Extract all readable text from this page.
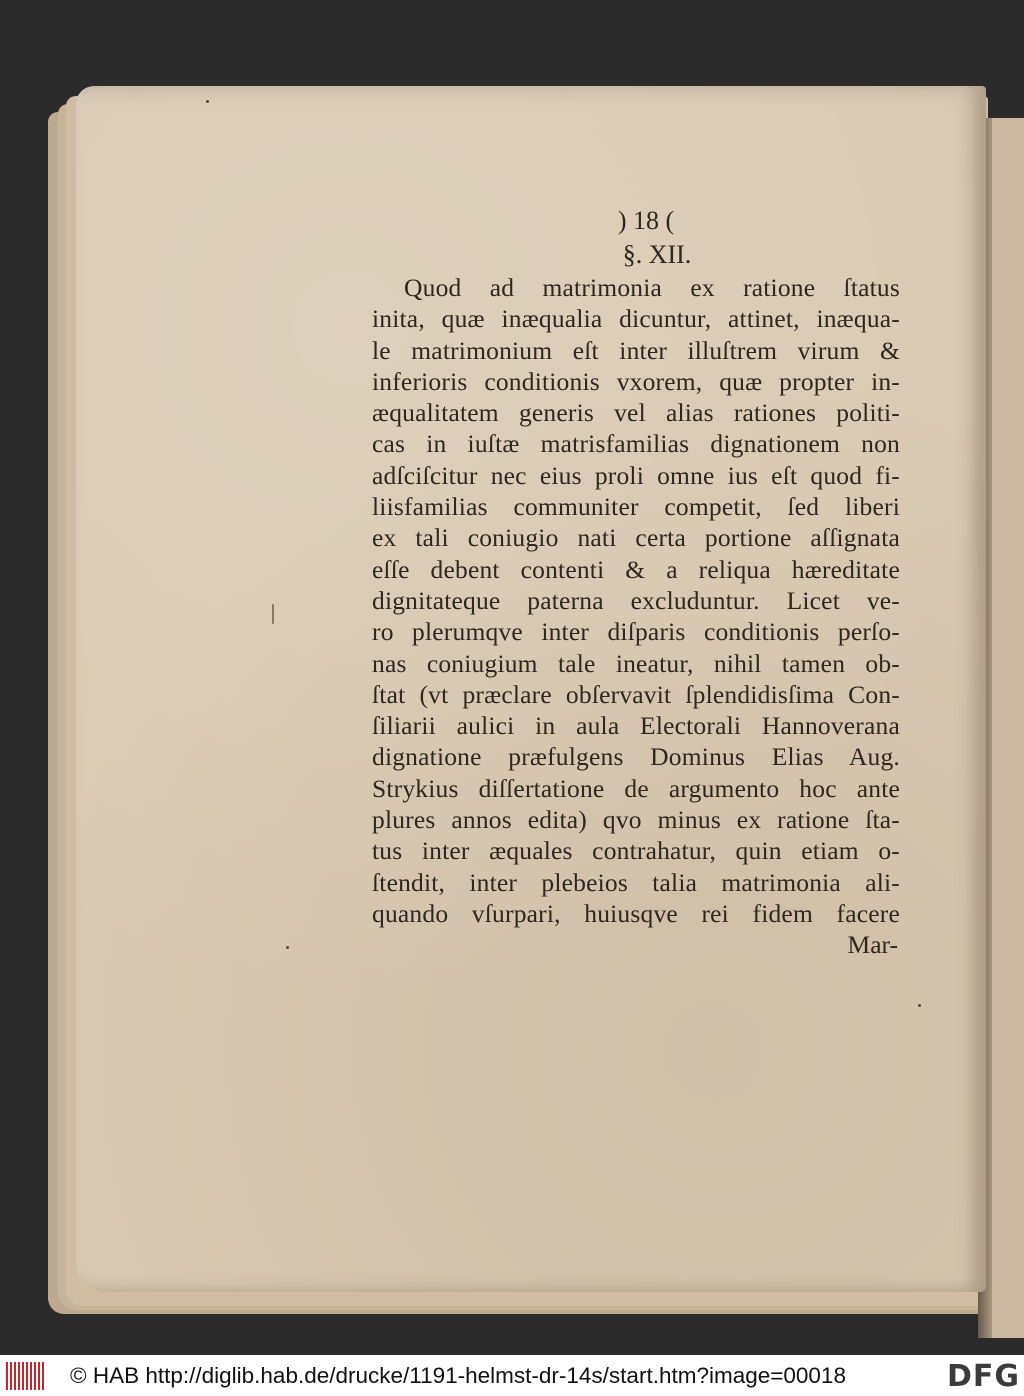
) 18 (
§. XII.
Quod ad matrimonia ex ratione ſtatus
inita, quæ inæqualia dicuntur, attinet, inæqua-
le matrimonium eſt inter illuſtrem virum &
inferioris conditionis vxorem, quæ propter in-
æqualitatem generis vel alias rationes politi-
cas in iuſtæ matrisfamilias dignationem non
adſciſcitur nec eius proli omne ius eſt quod fi-
liisfamilias communiter competit, ſed liberi
ex tali coniugio nati certa portione aſſignata
eſſe debent contenti & a reliqua hæreditate
dignitateque paterna excluduntur. Licet ve-
ro plerumqve inter diſparis conditionis perſo-
nas coniugium tale ineatur, nihil tamen ob-
ſtat (vt præclare obſervavit ſplendidisſima Con-
ſiliarii aulici in aula Electorali Hannoverana
dignatione præfulgens Dominus Elias Aug.
Strykius diſſertatione de argumento hoc ante
plures annos edita) qvo minus ex ratione ſta-
tus inter æquales contrahatur, quin etiam o-
ſtendit, inter plebeios talia matrimonia ali-
quando vſurpari, huiusqve rei fidem facere
Mar-
© HAB http://diglib.hab.de/drucke/1191-helmst-dr-14s/start.htm?image=00018	DFG
